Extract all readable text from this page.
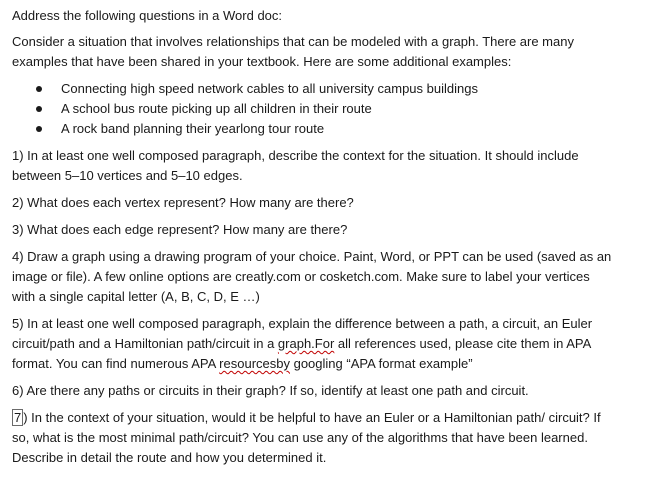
Address the following questions in a Word doc:
Consider a situation that involves relationships that can be modeled with a graph. There are many
examples that have been shared in your textbook. Here are some additional examples:
Connecting high speed network cables to all university campus buildings
A school bus route picking up all children in their route
A rock band planning their yearlong tour route
1) In at least one well composed paragraph, describe the context for the situation. It should include
between 5–10 vertices and 5–10 edges.
2) What does each vertex represent? How many are there?
3) What does each edge represent? How many are there?
4) Draw a graph using a drawing program of your choice. Paint, Word, or PPT can be used (saved as an
image or file). A few online options are creatly.com or cosketch.com. Make sure to label your vertices
with a single capital letter (A, B, C, D, E …)
5) In at least one well composed paragraph, explain the difference between a path, a circuit, an Euler
circuit/path and a Hamiltonian path/circuit in a graph.For all references used, please cite them in APA
format. You can find numerous APA resourcesby googling “APA format example”
6) Are there any paths or circuits in their graph? If so, identify at least one path and circuit.
7 ) In the context of your situation, would it be helpful to have an Euler or a Hamiltonian path/ circuit? If
so, what is the most minimal path/circuit? You can use any of the algorithms that have been learned.
Describe in detail the route and how you determined it.
